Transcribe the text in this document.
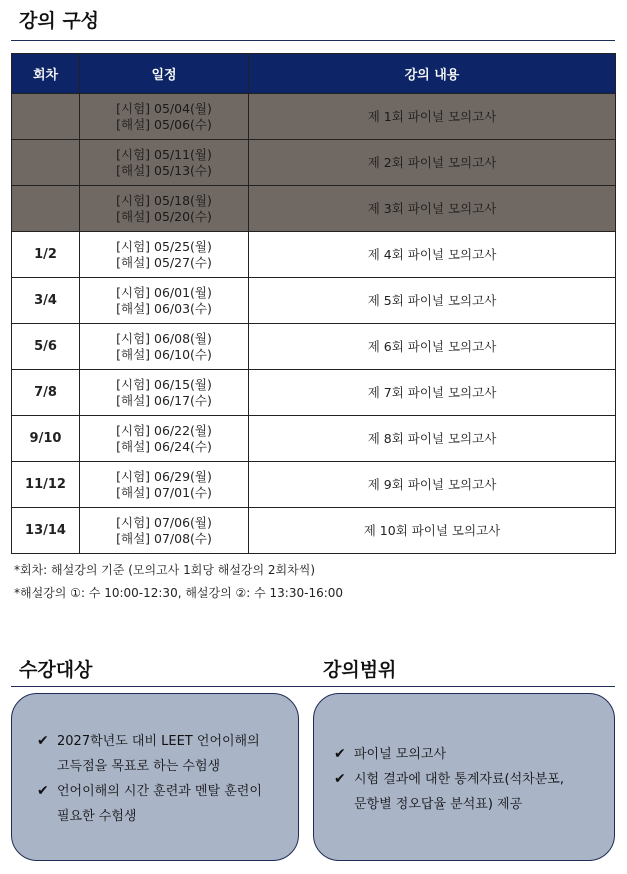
강의 구성
회차	일정	강의 내용

	[시험] 05/04(월)
[해설] 05/06(수)	제 1회 파이널 모의고사

	[시험] 05/11(월)
[해설] 05/13(수)	제 2회 파이널 모의고사

	[시험] 05/18(월)
[해설] 05/20(수)	제 3회 파이널 모의고사
1/2	[시험] 05/25(월)
[해설] 05/27(수)	제 4회 파이널 모의고사
3/4	[시험] 06/01(월)
[해설] 06/03(수)	제 5회 파이널 모의고사
5/6	[시험] 06/08(월)
[해설] 06/10(수)	제 6회 파이널 모의고사
7/8	[시험] 06/15(월)
[해설] 06/17(수)	제 7회 파이널 모의고사
9/10	[시험] 06/22(월)
[해설] 06/24(수)	제 8회 파이널 모의고사
11/12	[시험] 06/29(월)
[해설] 07/01(수)	제 9회 파이널 모의고사
13/14	[시험] 07/06(월)
[해설] 07/08(수)	제 10회 파이널 모의고사
*회차: 해설강의 기준 (모의고사 1회당 해설강의 2회차씩)
*해설강의 ①: 수 10:00-12:30, 해설강의 ②: 수 13:30-16:00
수강대상	강의범위
✔ 2027학년도 대비 LEET 언어이해의
고득점을 목표로 하는 수험생
✔ 언어이해의 시간 훈련과 멘탈 훈련이
필요한 수험생
✔ 파이널 모의고사
✔ 시험 결과에 대한 통계자료(석차분포,
문항별 정오답율 분석표) 제공
